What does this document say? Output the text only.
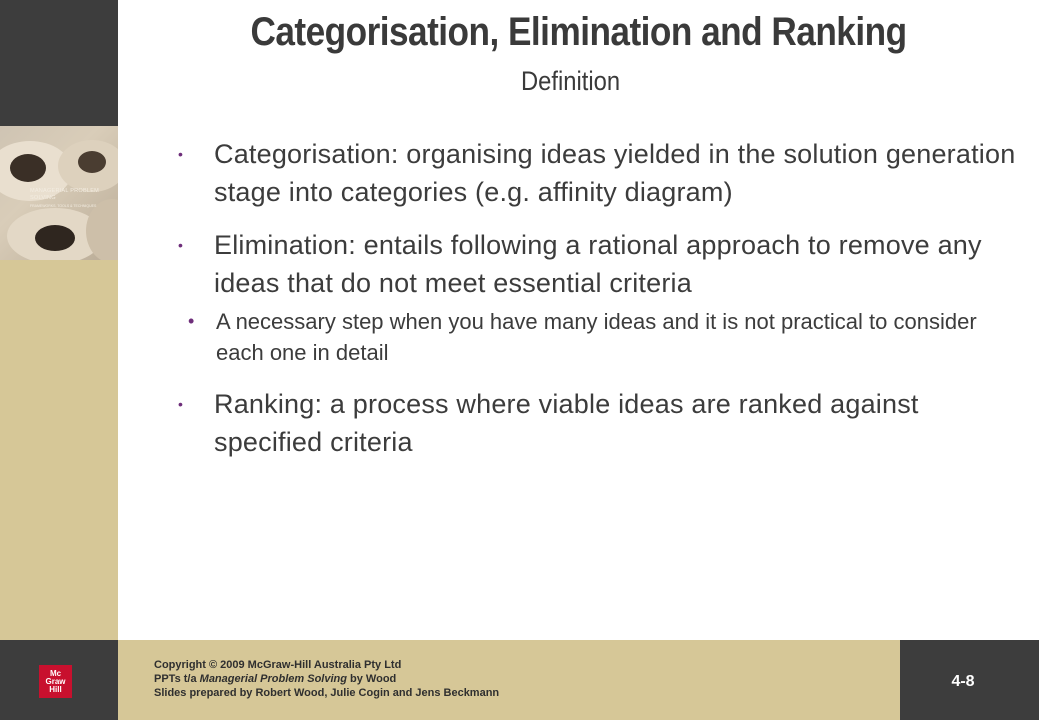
MANAGERIAL PROBLEM SOLVING
FRAMEWORKS, TOOLS & TECHNIQUES
Categorisation, Elimination and Ranking
Definition
• Categorisation: organising ideas yielded in the solution generation stage into categories (e.g. affinity diagram)
• Elimination: entails following a rational approach to remove any ideas that do not meet essential criteria
• A necessary step when you have many ideas and it is not practical to consider each one in detail
• Ranking: a process where viable ideas are ranked against specified criteria
Mc
Graw
Hill
Copyright © 2009 McGraw-Hill Australia Pty Ltd
PPTs t/a Managerial Problem Solving by Wood
Slides prepared by Robert Wood, Julie Cogin and Jens Beckmann
4-8
